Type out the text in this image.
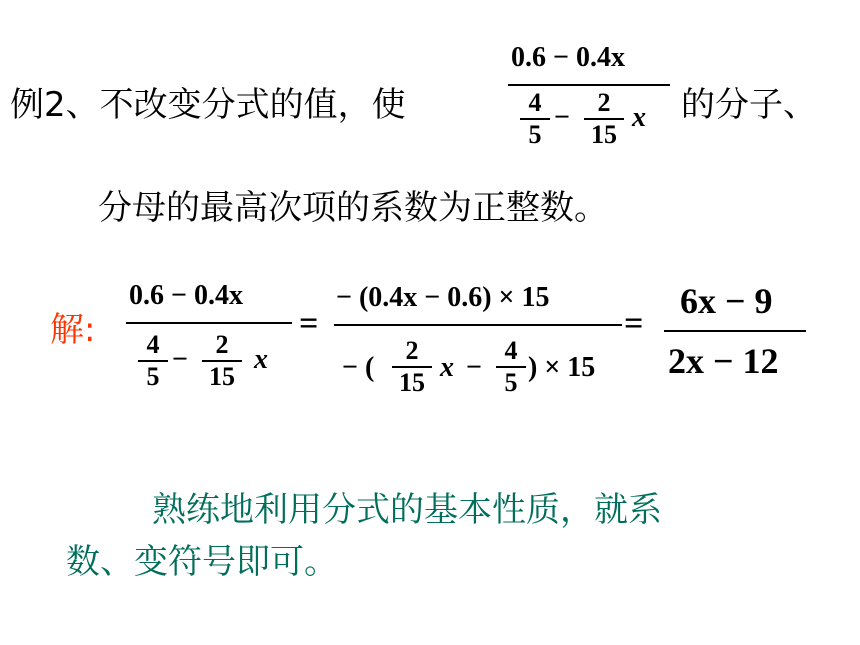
例2、不改变分式的值，使
0.6 − 0.4x
4
5
−	2
15
x 的分子、
分母的最高次项的系数为正整数。
解:
0.6 − 0.4x
4
5
−	2
15
x
=
− (0.4x − 0.6) × 15
− (
2
15 x −
4
5 ) × 15
=
6x − 9
2x − 12
熟练地利用分式的基本性质，就系
数、变符号即可。
